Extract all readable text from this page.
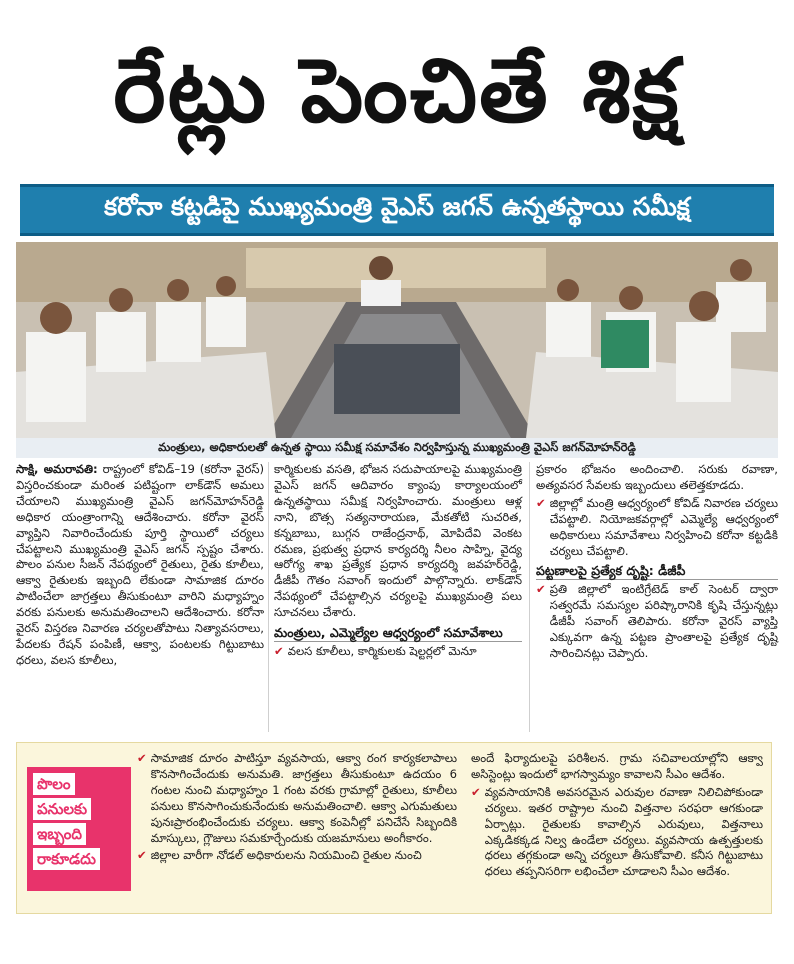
రేట్లు పెంచితే శిక్ష
కరోనా కట్టడిపై ముఖ్యమంత్రి వైఎస్ జగన్ ఉన్నతస్థాయి సమీక్ష
మంత్రులు, అధికారులతో ఉన్నత స్థాయి సమీక్ష సమావేశం నిర్వహిస్తున్న ముఖ్యమంత్రి వైఎస్ జగన్‌మోహన్‌రెడ్డి

సాక్షి, అమరావతి: రాష్ట్రంలో కోవిడ్–19 (కరోనా వైరస్) విస్తరించకుండా మరింత పటిష్టంగా లాక్‌డౌన్ అమలు చేయాలని ముఖ్యమంత్రి వైఎస్ జగన్‌మోహన్‌రెడ్డి అధికార యంత్రాంగాన్ని ఆదేశించారు. కరోనా వైరస్ వ్యాప్తిని నివారించేందుకు పూర్తి స్థాయిలో చర్యలు చేపట్టాలని ముఖ్యమంత్రి వైఎస్ జగన్ స్పష్టం చేశారు. పొలం పనుల సీజన్ నేపథ్యంలో రైతులు, రైతు కూలీలు, ఆక్వా రైతులకు ఇబ్బంది లేకుండా సామాజిక దూరం పాటించేలా జాగ్రత్తలు తీసుకుంటూ వారిని మధ్యాహ్నం వరకు పనులకు అనుమతించాలని ఆదేశించారు. కరోనా వైరస్ విస్తరణ నివారణ చర్యలతోపాటు నిత్యావసరాలు, పేదలకు రేషన్ పంపిణీ, ఆక్వా, పంటలకు గిట్టుబాటు ధరలు, వలస కూలీలు,

కార్మికులకు వసతి, భోజన సదుపాయాలపై ముఖ్యమంత్రి వైఎస్ జగన్ ఆదివారం క్యాంపు కార్యాలయంలో ఉన్నతస్థాయి సమీక్ష నిర్వహించారు. మంత్రులు ఆళ్ల నాని, బొత్స సత్యనారాయణ, మేకతోటి సుచరిత, కన్నబాబు, బుగ్గన రాజేంద్రనాథ్, మోపిదేవి వెంకట రమణ, ప్రభుత్వ ప్రధాన కార్యదర్శి నీలం సాహ్ని, వైద్య ఆరోగ్య శాఖ ప్రత్యేక ప్రధాన కార్యదర్శి జవహర్‌రెడ్డి, డీజీపీ గౌతం సవాంగ్ ఇందులో పాల్గొన్నారు. లాక్‌డౌన్ నేపథ్యంలో చేపట్టాల్సిన చర్యలపై ముఖ్యమంత్రి పలు సూచనలు చేశారు.

మంత్రులు, ఎమ్మెల్యేల ఆధ్వర్యంలో సమావేశాలు
✔ వలస కూలీలు, కార్మికులకు షెల్టర్లలో మెనూ

ప్రకారం భోజనం అందించాలి. సరుకు రవాణా, అత్యవసర సేవలకు ఇబ్బందులు తలెత్తకూడదు.

✔ జిల్లాల్లో మంత్రి ఆధ్వర్యంలో కోవిడ్ నివారణ చర్యలు చేపట్టాలి. నియోజకవర్గాల్లో ఎమ్మెల్యే ఆధ్వర్యంలో అధికారులు సమావేశాలు నిర్వహించి కరోనా కట్టడికి చర్యలు చేపట్టాలి.
పట్టణాలపై ప్రత్యేక దృష్టి: డీజీపీ
✔ ప్రతి జిల్లాలో ఇంటిగ్రేటెడ్ కాల్ సెంటర్ ద్వారా సత్వరమే సమస్యల పరిష్కారానికి కృషి చేస్తున్నట్లు డీజీపీ సవాంగ్ తెలిపారు. కరోనా వైరస్ వ్యాప్తి ఎక్కువగా ఉన్న పట్టణ ప్రాంతాలపై ప్రత్యేక దృష్టి సారించినట్లు చెప్పారు.
పొలం
పనులకు
ఇబ్బంది
రాకూడదు
✔ సామాజిక దూరం పాటిస్తూ వ్యవసాయ, ఆక్వా రంగ కార్యకలాపాలు కొనసాగించేందుకు అనుమతి. జాగ్రత్తలు తీసుకుంటూ ఉదయం 6 గంటల నుంచి మధ్యాహ్నం 1 గంట వరకు గ్రామాల్లో రైతులు, కూలీలు పనులు కొనసాగించుకునేందుకు అనుమతించాలి. ఆక్వా ఎగుమతులు పునఃప్రారంభించేందుకు చర్యలు. ఆక్వా కంపెనీల్లో పనిచేసే సిబ్బందికి మాస్కులు, గ్లౌజులు సమకూర్చేందుకు యజమానులు అంగీకారం.
✔ జిల్లాల వారీగా నోడల్ అధికారులను నియమించి రైతుల నుంచి

అందే ఫిర్యాదులపై పరిశీలన. గ్రామ సచివాలయాల్లోని ఆక్వా అసిస్టెంట్లు ఇందులో భాగస్వామ్యం కావాలని సీఎం ఆదేశం.

✔ వ్యవసాయానికి అవసరమైన ఎరువుల రవాణా నిలిచిపోకుండా చర్యలు. ఇతర రాష్ట్రాల నుంచి విత్తనాల సరఫరా ఆగకుండా ఏర్పాట్లు. రైతులకు కావాల్సిన ఎరువులు, విత్తనాలు ఎక్కడికక్కడ నిల్వ ఉండేలా చర్యలు. వ్యవసాయ ఉత్పత్తులకు ధరలు తగ్గకుండా అన్ని చర్యలూ తీసుకోవాలి. కనీస గిట్టుబాటు ధరలు తప్పనిసరిగా లభించేలా చూడాలని సీఎం ఆదేశం.
